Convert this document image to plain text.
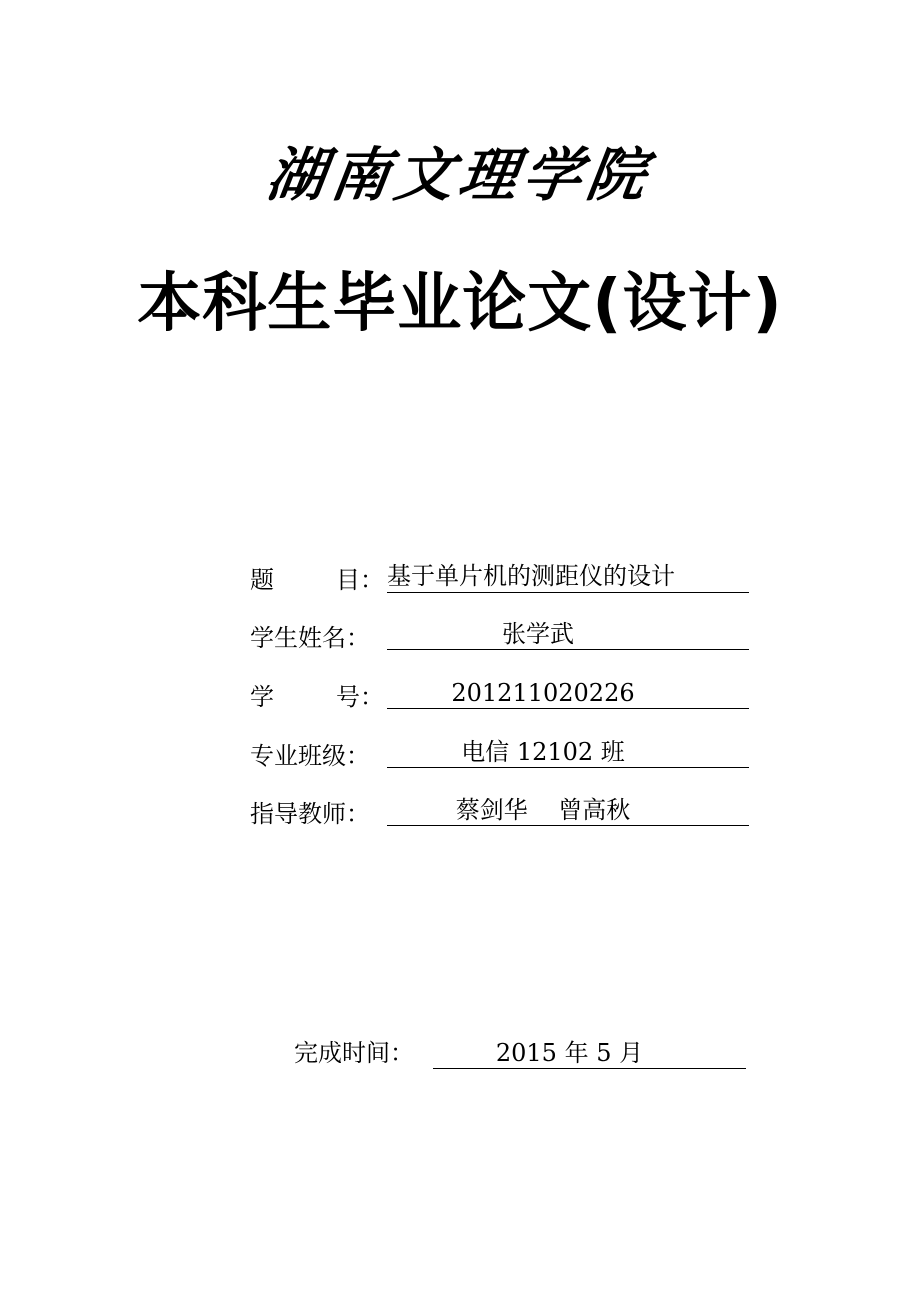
湖南文理学院
本科生毕业论文(设计)
题	目： 基于单片机的测距仪的设计
学生姓名：	张学武
学	号：	201211020226
专业班级：	电信 12102 班
指导教师：	蔡剑华    曾高秋
完成时间：	2015 年 5 月
